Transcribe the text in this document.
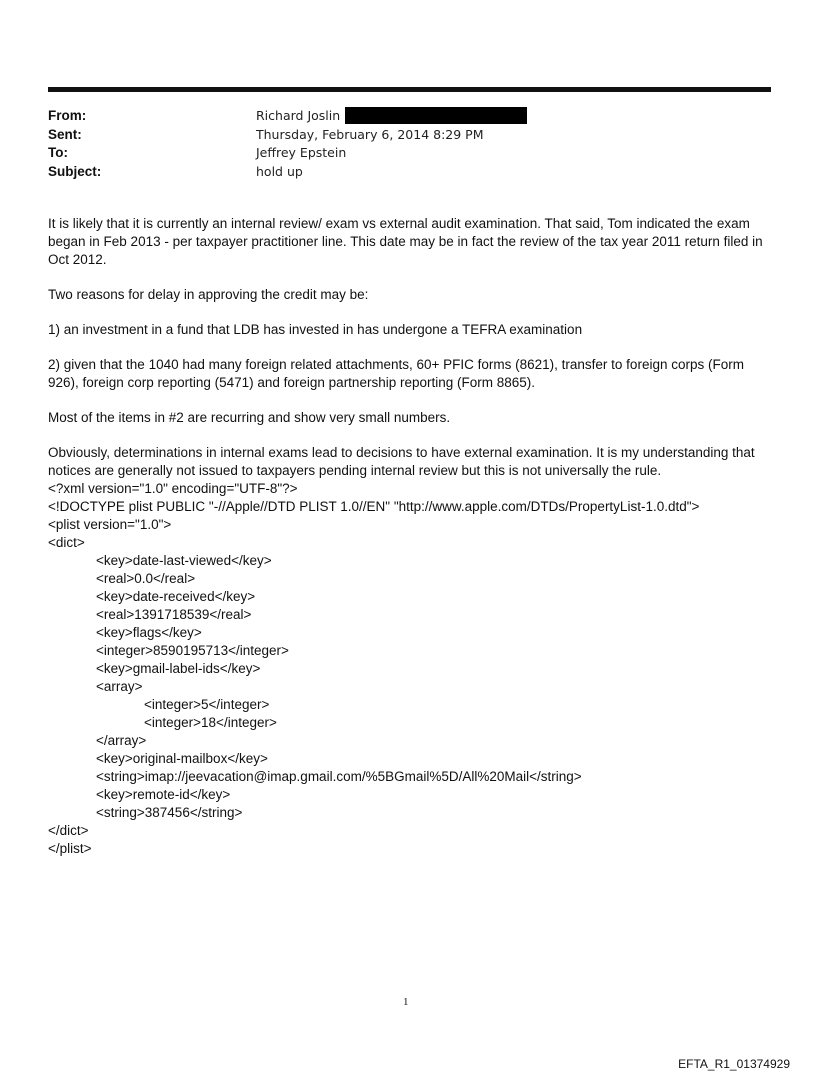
From:	Richard Joslin
Sent:	Thursday, February 6, 2014 8:29 PM
To:	Jeffrey Epstein
Subject:	hold up

It is likely that it is currently an internal review/ exam vs external audit examination. That said, Tom indicated the exam began in Feb 2013 - per taxpayer practitioner line. This date may be in fact the review of the tax year 2011 return filed in Oct 2012.

Two reasons for delay in approving the credit may be:

1) an investment in a fund that LDB has invested in has undergone a TEFRA examination

2) given that the 1040 had many foreign related attachments, 60+ PFIC forms (8621), transfer to foreign corps (Form 926), foreign corp reporting (5471) and foreign partnership reporting (Form 8865).

Most of the items in #2 are recurring and show very small numbers.

Obviously, determinations in internal exams lead to decisions to have external examination. It is my understanding that notices are generally not issued to taxpayers pending internal review but this is not universally the rule.

<?xml version="1.0" encoding="UTF-8"?>
<!DOCTYPE plist PUBLIC "-//Apple//DTD PLIST 1.0//EN" "http://www.apple.com/DTDs/PropertyList-1.0.dtd">
<plist version="1.0">
<dict>
<key>date-last-viewed</key>
<real>0.0</real>
<key>date-received</key>
<real>1391718539</real>
<key>flags</key>
<integer>8590195713</integer>
<key>gmail-label-ids</key>
<array>
<integer>5</integer>
<integer>18</integer>
</array>
<key>original-mailbox</key>
<string>imap://jeevacation@imap.gmail.com/%5BGmail%5D/All%20Mail</string>
<key>remote-id</key>
<string>387456</string>
</dict>
</plist>
1
EFTA_R1_01374929
